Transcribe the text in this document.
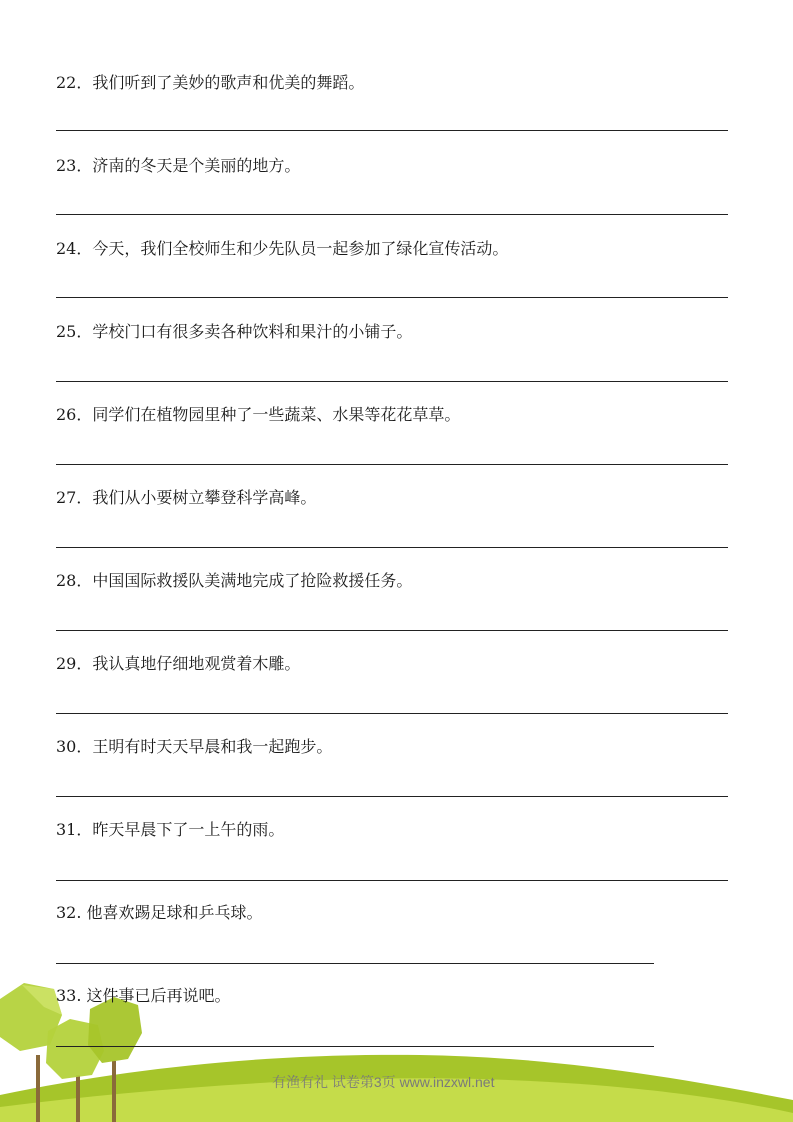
22．我们听到了美妙的歌声和优美的舞蹈。
23．济南的冬天是个美丽的地方。
24．今天，我们全校师生和少先队员一起参加了绿化宣传活动。
25．学校门口有很多卖各种饮料和果汁的小铺子。
26．同学们在植物园里种了一些蔬菜、水果等花花草草。
27．我们从小要树立攀登科学高峰。
28．中国国际救援队美满地完成了抢险救援任务。
29．我认真地仔细地观赏着木雕。
30．王明有时天天早晨和我一起跑步。
31．昨天早晨下了一上午的雨。
32. 他喜欢踢足球和乒乓球。
33. 这件事已后再说吧。
有渔有礼 试卷第3页 www.inzxwl.net
